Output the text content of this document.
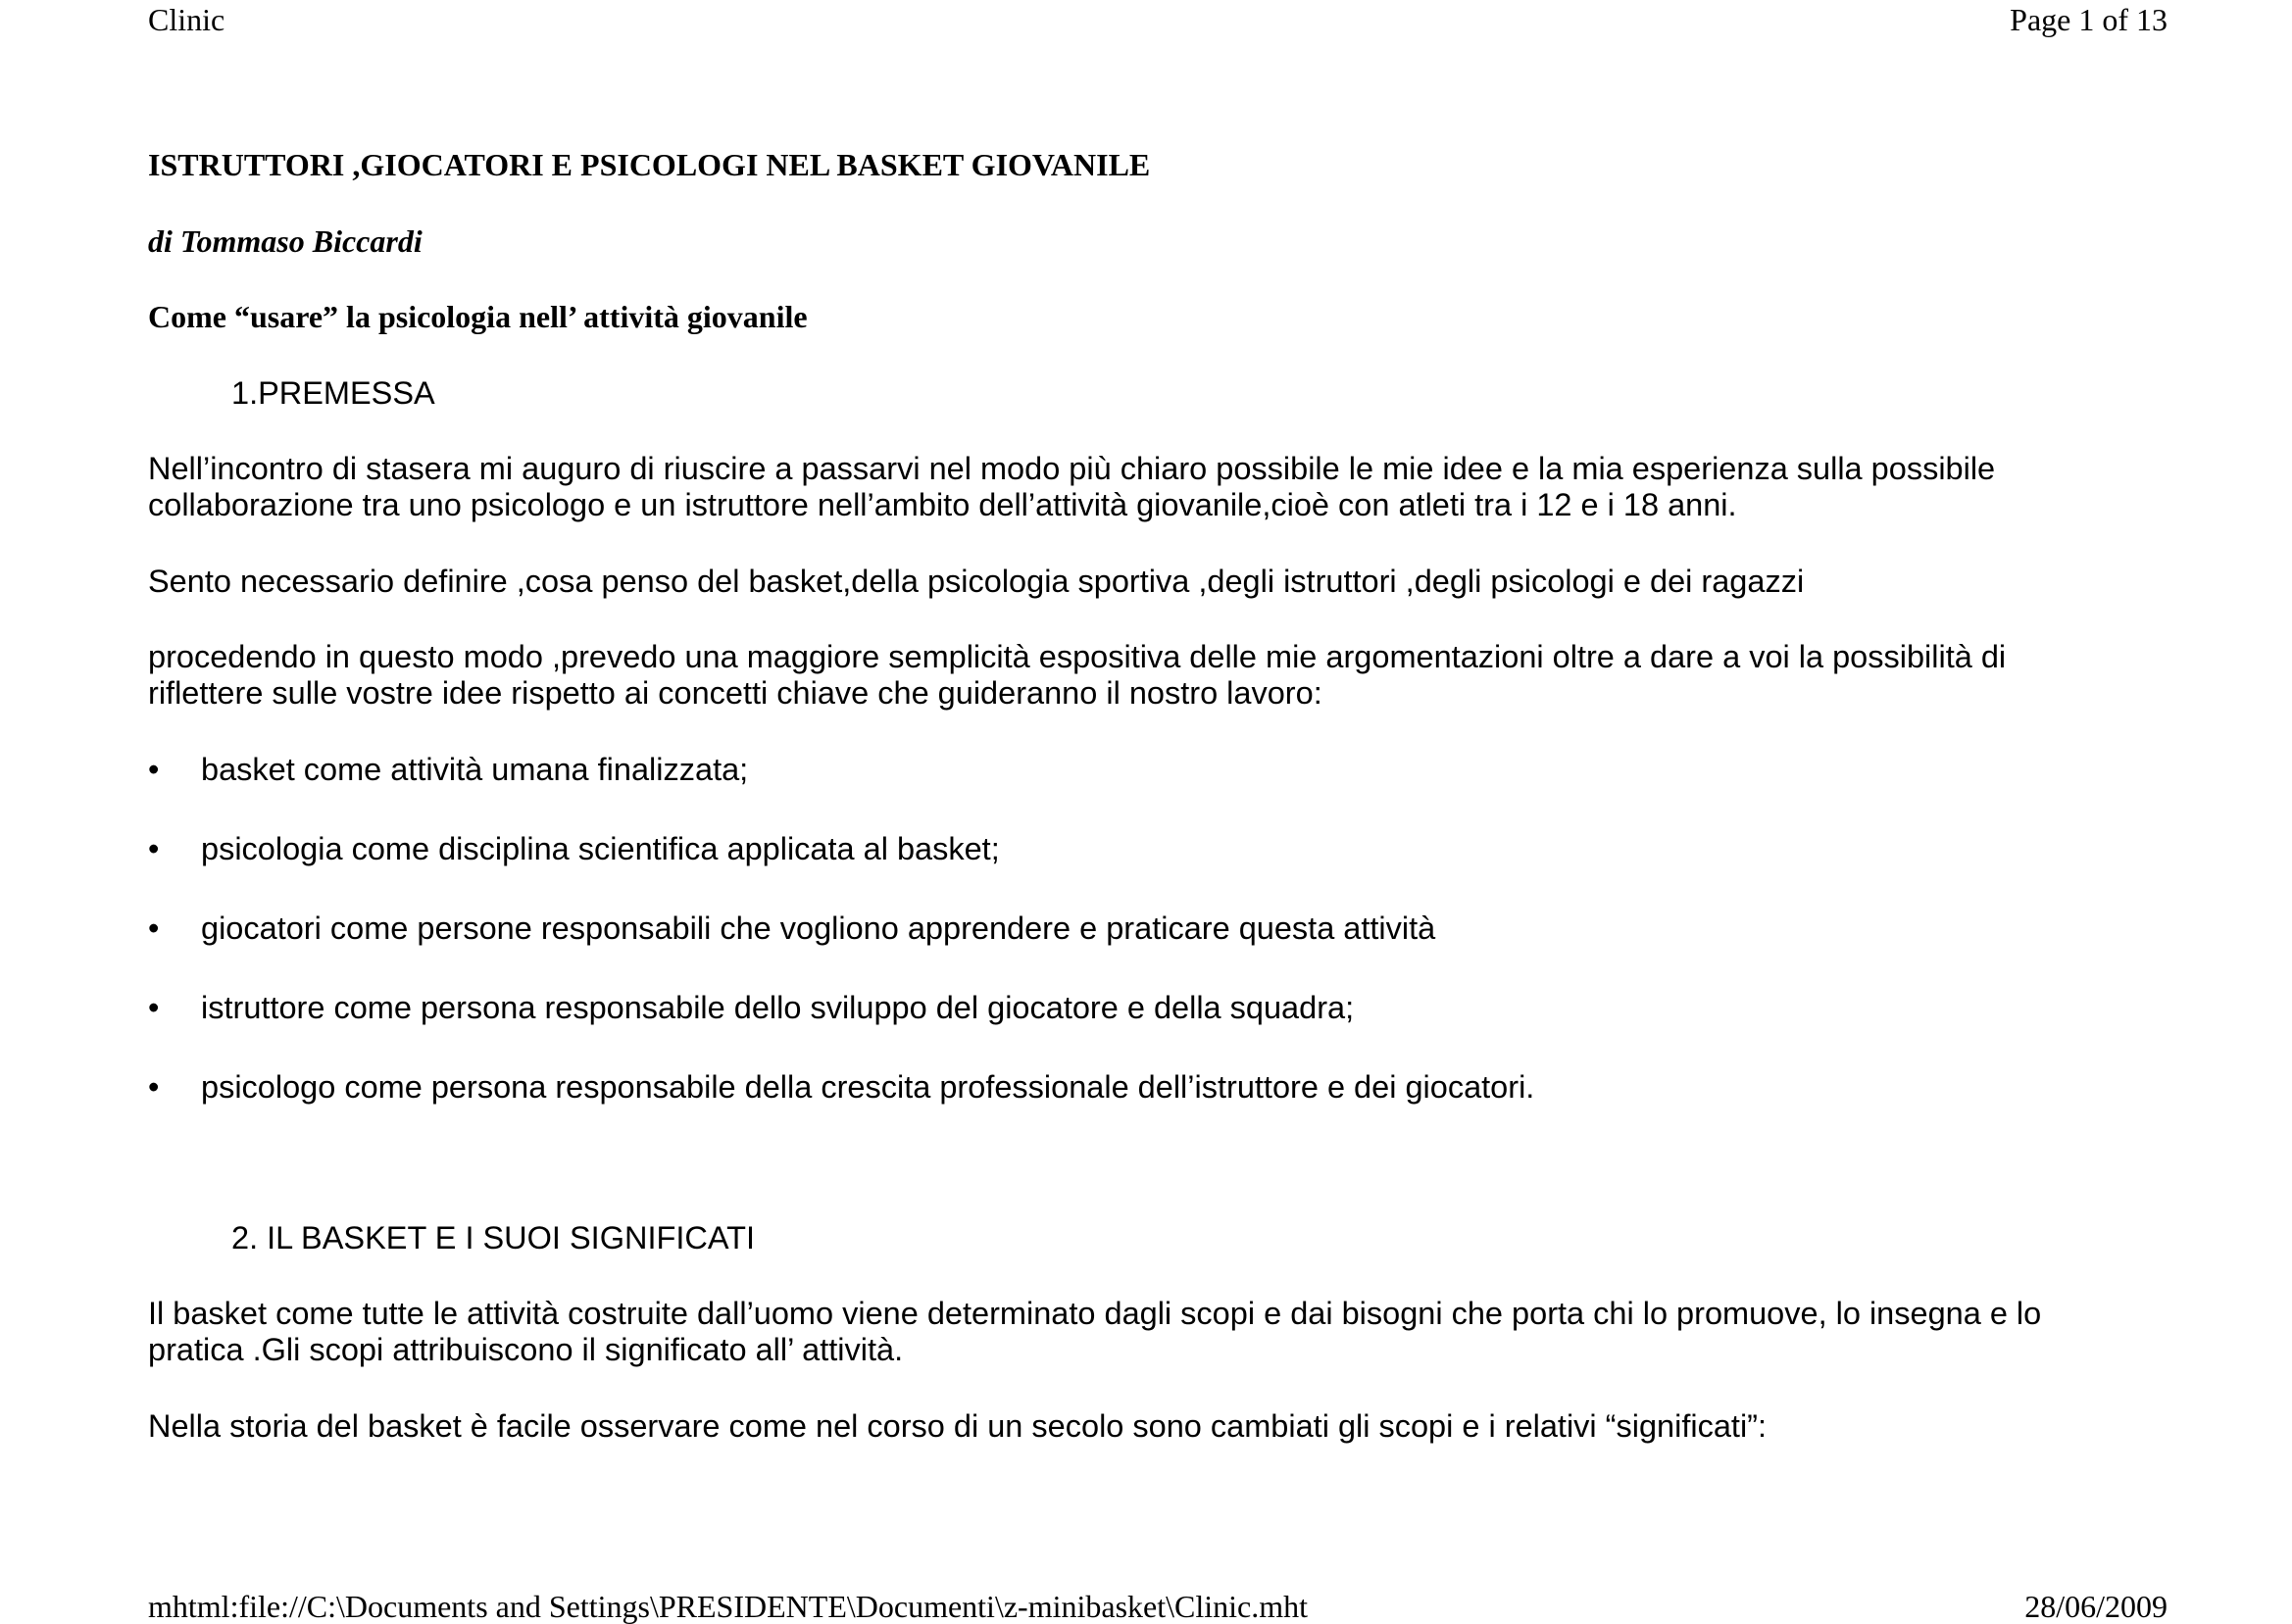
Clinic	Page 1 of 13
ISTRUTTORI ,GIOCATORI E PSICOLOGI NEL BASKET GIOVANILE
di Tommaso Biccardi
Come “usare” la psicologia nell’ attività giovanile
1.PREMESSA
Nell’incontro di stasera mi auguro di riuscire a passarvi nel modo più chiaro possibile le mie idee e la mia esperienza sulla possibile
collaborazione tra uno psicologo e un istruttore nell’ambito dell’attività giovanile,cioè con atleti tra i 12 e i 18 anni.
Sento necessario definire ,cosa penso del basket,della psicologia sportiva ,degli istruttori ,degli psicologi e dei ragazzi
procedendo in questo modo ,prevedo una maggiore semplicità espositiva delle mie argomentazioni oltre a dare a voi la possibilità di
riflettere sulle vostre idee rispetto ai concetti chiave che guideranno il nostro lavoro:
• basket come attività umana finalizzata;
• psicologia come disciplina scientifica applicata al basket;
• giocatori come persone responsabili che vogliono apprendere e praticare questa attività
• istruttore come persona responsabile dello sviluppo del giocatore e della squadra;
• psicologo come persona responsabile della crescita professionale dell’istruttore e dei giocatori.
2. IL BASKET E I SUOI SIGNIFICATI
Il basket come tutte le attività costruite dall’uomo viene determinato dagli scopi e dai bisogni che porta chi lo promuove, lo insegna e lo
pratica .Gli scopi attribuiscono il significato all’ attività.
Nella storia del basket è facile osservare come nel corso di un secolo sono cambiati gli scopi e i relativi “significati”:
mhtml:file://C:\Documents and Settings\PRESIDENTE\Documenti\z-minibasket\Clinic.mht	28/06/2009
